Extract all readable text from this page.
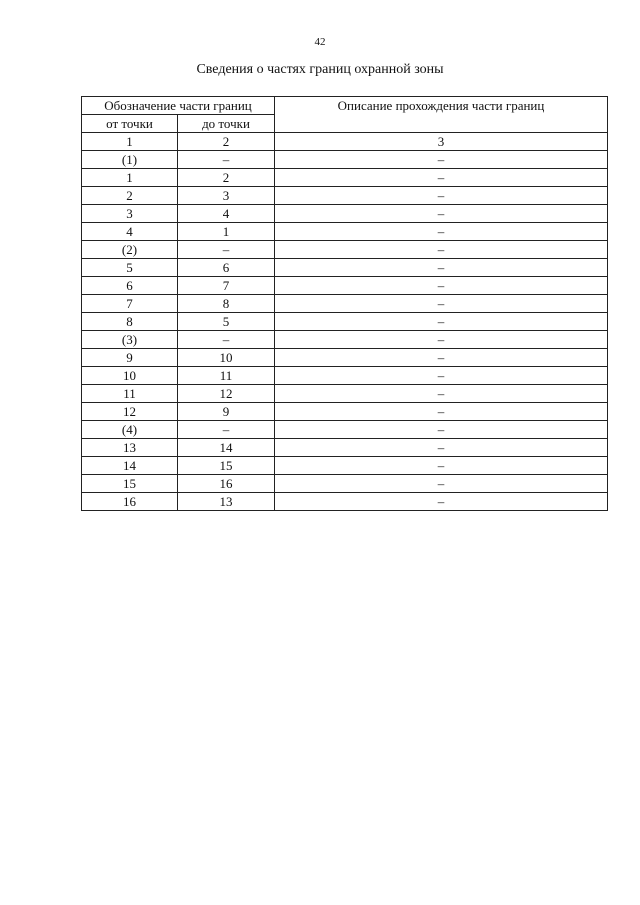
42
Сведения о частях границ охранной зоны
Обозначение части границ		Описание прохождения части границ
от точки	до точки	
1	2	3
(1)	–	–
1	2	–
2	3	–
3	4	–
4	1	–
(2)	–	–
5	6	–
6	7	–
7	8	–
8	5	–
(3)	–	–
9	10	–
10	11	–
11	12	–
12	9	–
(4)	–	–
13	14	–
14	15	–
15	16	–
16	13	–
